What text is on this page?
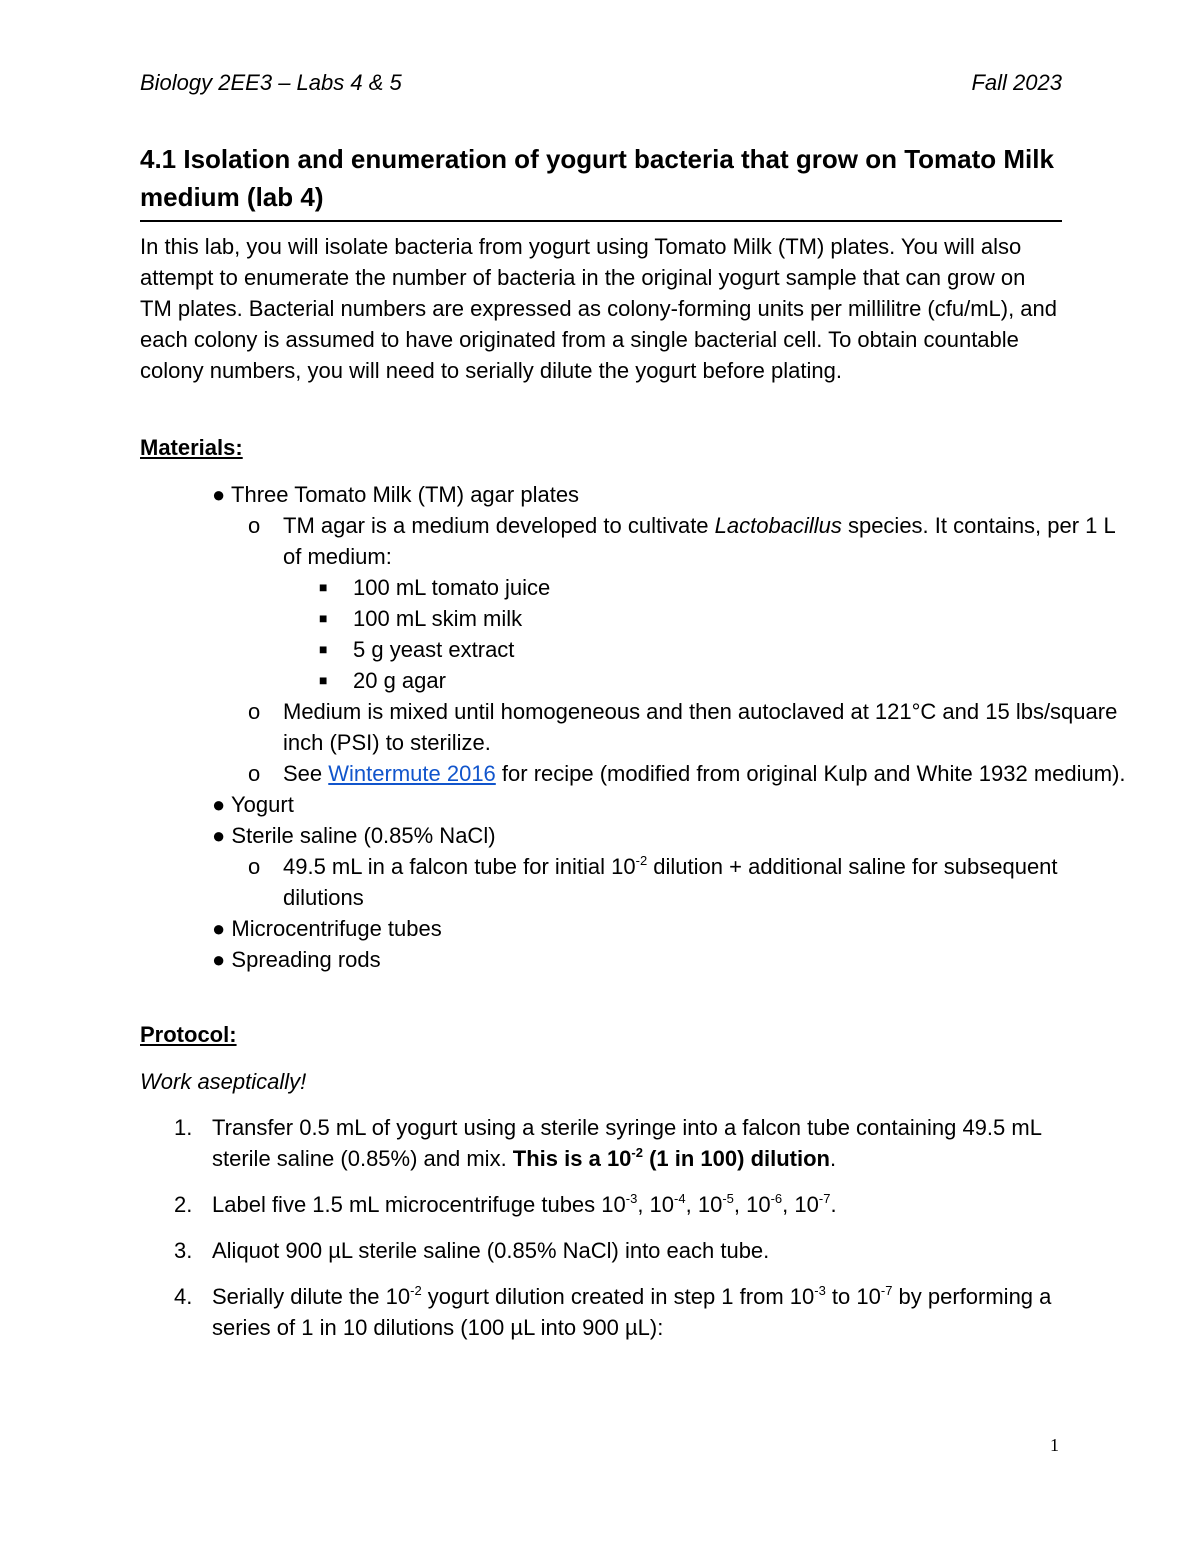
Biology 2EE3 – Labs 4 & 5	Fall 2023
4.1 Isolation and enumeration of yogurt bacteria that grow on Tomato Milk medium (lab 4)

In this lab, you will isolate bacteria from yogurt using Tomato Milk (TM) plates. You will also attempt to enumerate the number of bacteria in the original yogurt sample that can grow on TM plates. Bacterial numbers are expressed as colony-forming units per millilitre (cfu/mL), and each colony is assumed to have originated from a single bacterial cell. To obtain countable colony numbers, you will need to serially dilute the yogurt before plating.

Materials:

● Three Tomato Milk (TM) agar plates
o TM agar is a medium developed to cultivate Lactobacillus species. It contains, per 1 L of medium:
■ 100 mL tomato juice
■ 100 mL skim milk
■ 5 g yeast extract
■ 20 g agar
o Medium is mixed until homogeneous and then autoclaved at 121°C and 15 lbs/square inch (PSI) to sterilize.
o See Wintermute 2016 for recipe (modified from original Kulp and White 1932 medium).
● Yogurt
● Sterile saline (0.85% NaCl)
o 49.5 mL in a falcon tube for initial $10^{-2}$ dilution + additional saline for subsequent dilutions
● Microcentrifuge tubes
● Spreading rods

Protocol:

Work aseptically!

1. Transfer 0.5 mL of yogurt using a sterile syringe into a falcon tube containing 49.5 mL sterile saline (0.85%) and mix. This is a $10^{-2}$ (1 in 100) dilution.
2. Label five 1.5 mL microcentrifuge tubes $10^{-3}$, $10^{-4}$, $10^{-5}$, $10^{-6}$, $10^{-7}$.
3. Aliquot 900 µL sterile saline (0.85% NaCl) into each tube.
4. Serially dilute the $10^{-2}$ yogurt dilution created in step 1 from $10^{-3}$ to $10^{-7}$ by performing a series of 1 in 10 dilutions (100 µL into 900 µL):
1
